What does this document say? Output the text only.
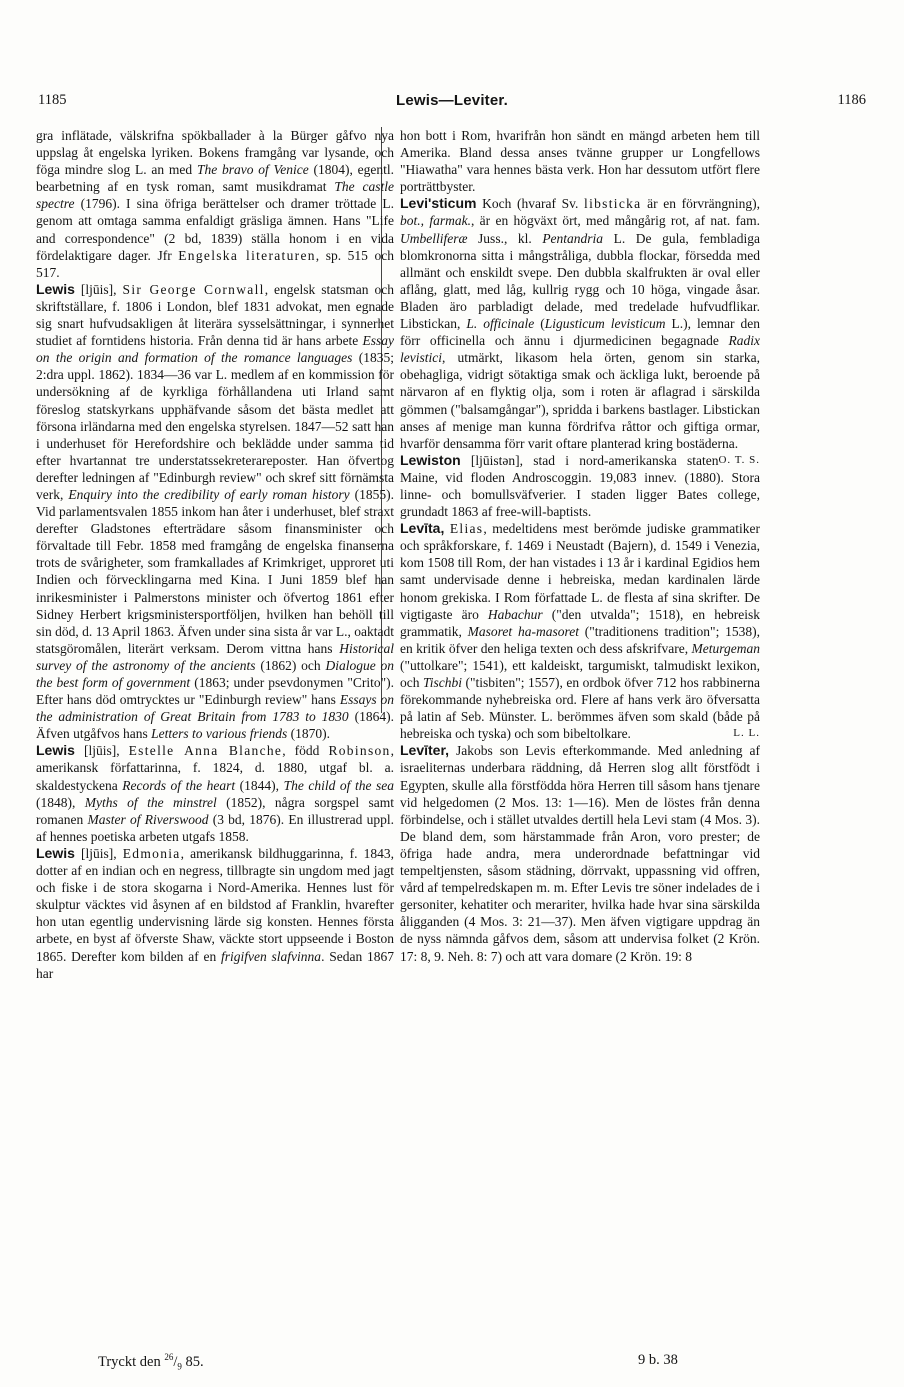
1185	Lewis—Leviter.	1186

gra inflätade, välskrifna spökballader à la Bürger gåfvo nya uppslag åt engelska lyriken. Bokens framgång var lysande, och föga mindre slog L. an med The bravo of Venice (1804), egentl. bearbetning af en tysk roman, samt musikdramat The castle spectre (1796). I sina öfriga berättelser och dramer tröttade L. genom att omtaga samma enfaldigt gräsliga ämnen. Hans "Life and correspondence" (2 bd, 1839) ställa honom i en vida fördelaktigare dager. Jfr Engelska literaturen, sp. 515 och 517.

Lewis [ljūis], Sir George Cornwall, engelsk statsman och skriftställare, f. 1806 i London, blef 1831 advokat, men egnade sig snart hufvudsakligen åt literära sysselsättningar, i synnerhet studiet af forntidens historia. Från denna tid är hans arbete Essay on the origin and formation of the romance languages (1835; 2:dra uppl. 1862). 1834—36 var L. medlem af en kommission för undersökning af de kyrkliga förhållandena uti Irland samt föreslog statskyrkans upphäfvande såsom det bästa medlet att försona irländarna med den engelska styrelsen. 1847—52 satt han i underhuset för Herefordshire och beklädde under samma tid efter hvartannat tre understatssekreterareposter. Han öfvertog derefter ledningen af "Edinburgh review" och skref sitt förnämsta verk, Enquiry into the credibility of early roman history (1855). Vid parlamentsvalen 1855 inkom han åter i underhuset, blef straxt derefter Gladstones efterträdare såsom finansminister och förvaltade till Febr. 1858 med framgång de engelska finanserna trots de svårigheter, som framkallades af Krimkriget, upproret uti Indien och förvecklingarna med Kina. I Juni 1859 blef han inrikesminister i Palmerstons minister och öfvertog 1861 efter Sidney Herbert krigsministersportföljen, hvilken han behöll till sin död, d. 13 April 1863. Äfven under sina sista år var L., oaktadt statsgöromålen, literärt verksam. Derom vittna hans Historical survey of the astronomy of the ancients (1862) och Dialogue on the best form of government (1863; under psevdonymen "Crito"). Efter hans död omtrycktes ur "Edinburgh review" hans Essays on the administration of Great Britain from 1783 to 1830 (1864). Äfven utgåfvos hans Letters to various friends (1870).

Lewis [ljūis], Estelle Anna Blanche, född Robinson, amerikansk författarinna, f. 1824, d. 1880, utgaf bl. a. skaldestyckena Records of the heart (1844), The child of the sea (1848), Myths of the minstrel (1852), några sorgspel samt romanen Master of Riverswood (3 bd, 1876). En illustrerad uppl. af hennes poetiska arbeten utgafs 1858.

Lewis [ljūis], Edmonia, amerikansk bildhuggarinna, f. 1843, dotter af en indian och en negress, tillbragte sin ungdom med jagt och fiske i de stora skogarna i Nord-Amerika. Hennes lust för skulptur väcktes vid åsynen af en bildstod af Franklin, hvarefter hon utan egentlig undervisning lärde sig konsten. Hennes första arbete, en byst af öfverste Shaw, väckte stort uppseende i Boston 1865. Derefter kom bilden af en frigifven slafvinna. Sedan 1867 har

hon bott i Rom, hvarifrån hon sändt en mängd arbeten hem till Amerika. Bland dessa anses tvänne grupper ur Longfellows "Hiawatha" vara hennes bästa verk. Hon har dessutom utfört flere porträttbyster.

Levi'sticum Koch (hvaraf Sv. libsticka är en förvrängning), bot., farmak., är en högväxt ört, med mångårig rot, af nat. fam. Umbelliferæ Juss., kl. Pentandria L. De gula, fembladiga blomkronorna sitta i mångstråliga, dubbla flockar, försedda med allmänt och enskildt svepe. Den dubbla skalfrukten är oval eller aflång, glatt, med låg, kullrig rygg och 10 höga, vingade åsar. Bladen äro parbladigt delade, med tredelade hufvudflikar. Libstickan, L. officinale (Ligusticum levisticum L.), lemnar den förr officinella och ännu i djurmedicinen begagnade Radix levistici, utmärkt, likasom hela örten, genom sin starka, obehagliga, vidrigt sötaktiga smak och äckliga lukt, beroende på närvaron af en flyktig olja, som i roten är aflagrad i särskilda gömmen ("balsamgångar"), spridda i barkens bastlager. Libstickan anses af menige man kunna fördrifva råttor och giftiga ormar, hvarför densamma förr varit oftare planterad kring bostäderna.
O. T. S.

Lewiston [ljūistən], stad i nord-amerikanska staten Maine, vid floden Androscoggin. 19,083 innev. (1880). Stora linne- och bomullsväfverier. I staden ligger Bates college, grundadt 1863 af free-will-baptists.

Levīta, Elias, medeltidens mest berömde judiske grammatiker och språkforskare, f. 1469 i Neustadt (Bajern), d. 1549 i Venezia, kom 1508 till Rom, der han vistades i 13 år i kardinal Egidios hem samt undervisade denne i hebreiska, medan kardinalen lärde honom grekiska. I Rom författade L. de flesta af sina skrifter. De vigtigaste äro Habachur ("den utvalda"; 1518), en hebreisk grammatik, Masoret ha-masoret ("traditionens tradition"; 1538), en kritik öfver den heliga texten och dess afskrifvare, Meturgeman ("uttolkare"; 1541), ett kaldeiskt, targumiskt, talmudiskt lexikon, och Tischbi ("tisbiten"; 1557), en ordbok öfver 712 hos rabbinerna förekommande nyhebreiska ord. Flere af hans verk äro öfversatta på latin af Seb. Münster. L. berömmes äfven som skald (både på hebreiska och tyska) och som bibeltolkare.	L. L.

Levīter, Jakobs son Levis efterkommande. Med anledning af israeliternas underbara räddning, då Herren slog allt förstfödt i Egypten, skulle alla förstfödda höra Herren till såsom hans tjenare vid helgedomen (2 Mos. 13: 1—16). Men de löstes från denna förbindelse, och i stället utvaldes dertill hela Levi stam (4 Mos. 3). De bland dem, som härstammade från Aron, voro prester; de öfriga hade andra, mera underordnade befattningar vid tempeltjensten, såsom städning, dörrvakt, uppassning vid offren, vård af tempelredskapen m. m. Efter Levis tre söner indelades de i gersoniter, kehatiter och merariter, hvilka hade hvar sina särskilda åligganden (4 Mos. 3: 21—37). Men äfven vigtigare uppdrag än de nyss nämnda gåfvos dem, såsom att undervisa folket (2 Krön. 17: 8, 9. Neh. 8: 7) och att vara domare (2 Krön. 19: 8

Tryckt den $^{26}/_9$ 85.	9 b. 38
